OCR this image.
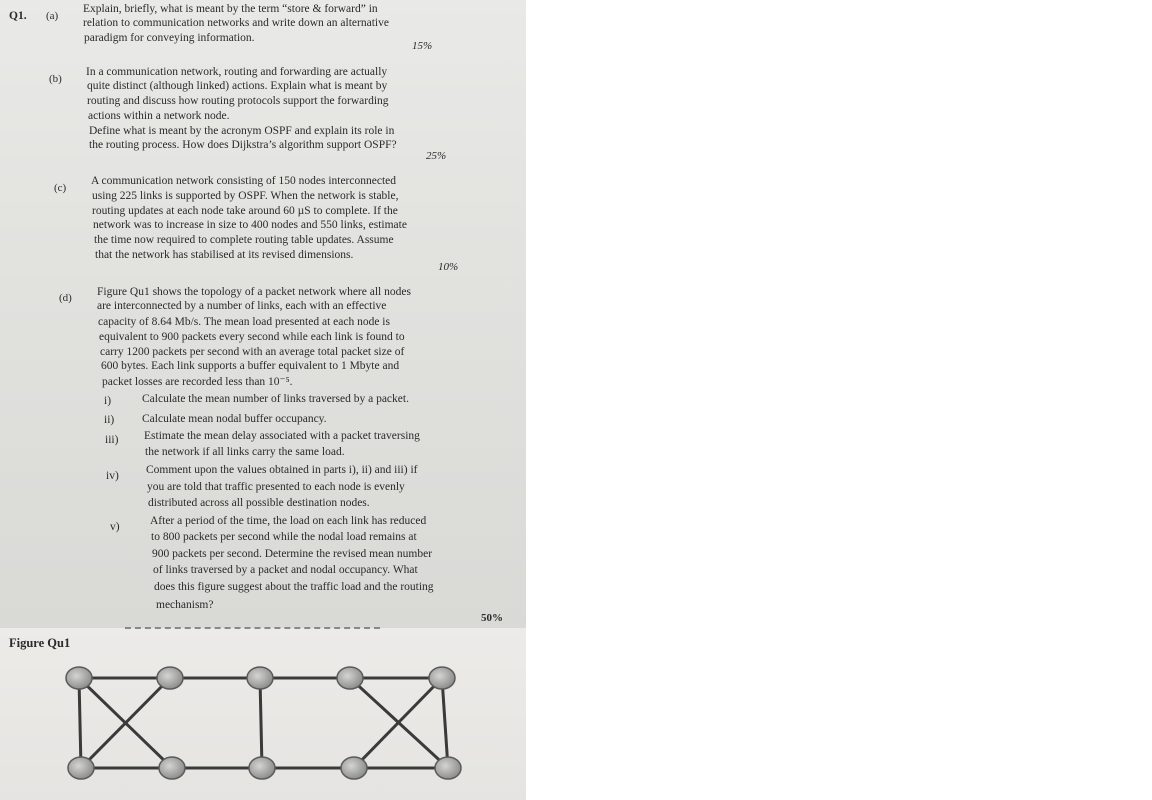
Q1. (a)
Explain, briefly, what is meant by the term “store & forward” in
relation to communication networks and write down an alternative
paradigm for conveying information.
15%
(b)
In a communication network, routing and forwarding are actually
quite distinct (although linked) actions. Explain what is meant by
routing and discuss how routing protocols support the forwarding
actions within a network node.
Define what is meant by the acronym OSPF and explain its role in
the routing process. How does Dijkstra’s algorithm support OSPF?
25%
(c)
A communication network consisting of 150 nodes interconnected
using 225 links is supported by OSPF. When the network is stable,
routing updates at each node take around 60 µS to complete. If the
network was to increase in size to 400 nodes and 550 links, estimate
the time now required to complete routing table updates. Assume
that the network has stabilised at its revised dimensions.
10%
(d) Figure Qu1 shows the topology of a packet network where all nodes
are interconnected by a number of links, each with an effective
capacity of 8.64 Mb/s. The mean load presented at each node is
equivalent to 900 packets every second while each link is found to
carry 1200 packets per second with an average total packet size of
600 bytes. Each link supports a buffer equivalent to 1 Mbyte and
packet losses are recorded less than 10⁻⁵.
i)	Calculate the mean number of links traversed by a packet.
ii) Calculate mean nodal buffer occupancy.
iii) Estimate the mean delay associated with a packet traversing
the network if all links carry the same load.
iv) Comment upon the values obtained in parts i), ii) and iii) if
you are told that traffic presented to each node is evenly
distributed across all possible destination nodes.
v)	After a period of the time, the load on each link has reduced
to 800 packets per second while the nodal load remains at
900 packets per second. Determine the revised mean number
of links traversed by a packet and nodal occupancy. What
does this figure suggest about the traffic load and the routing
mechanism?
50%
Figure Qu1
